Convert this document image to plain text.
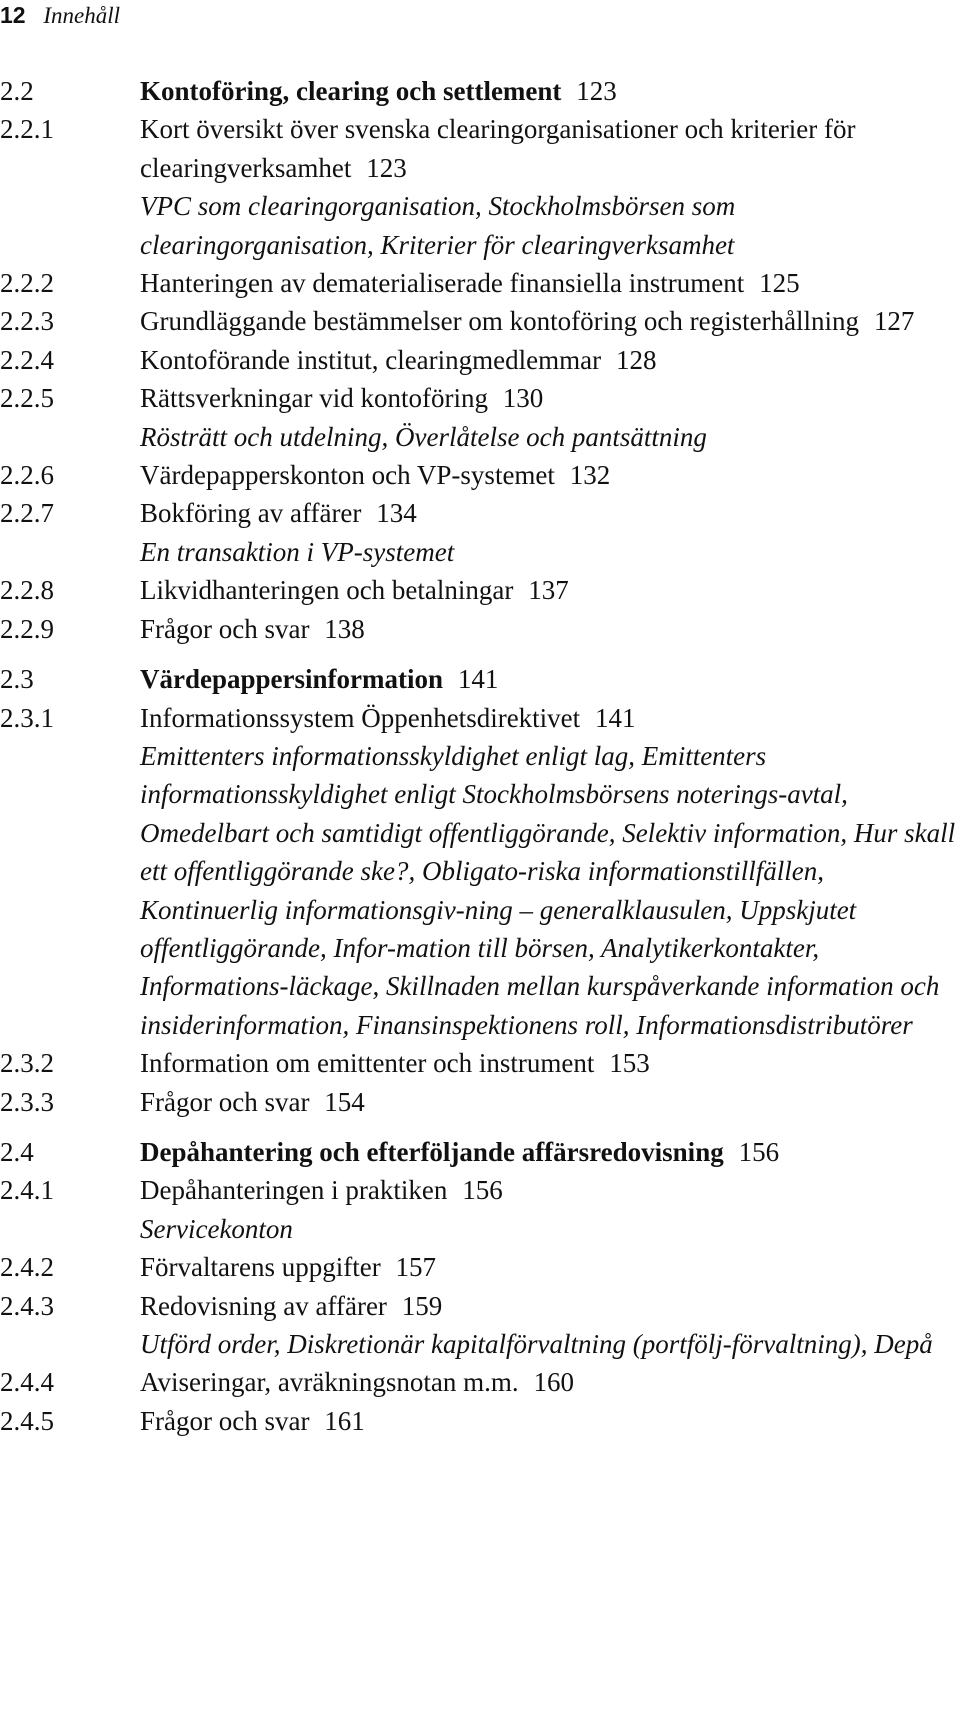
12 Innehåll
2.2	Kontoföring, clearing och settlement 123
2.2.1	Kort översikt över svenska clearingorganisationer och kriterier för clearingverksamhet 123
VPC som clearingorganisation, Stockholmsbörsen som clearingorganisation, Kriterier för clearingverksamhet
2.2.2	Hanteringen av dematerialiserade finansiella instrument 125
2.2.3	Grundläggande bestämmelser om kontoföring och registerhållning 127
2.2.4	Kontoförande institut, clearingmedlemmar 128
2.2.5	Rättsverkningar vid kontoföring 130
Rösträtt och utdelning, Överlåtelse och pantsättning
2.2.6	Värdepapperskonton och VP-systemet 132
2.2.7	Bokföring av affärer 134
En transaktion i VP-systemet
2.2.8	Likvidhanteringen och betalningar 137
2.2.9	Frågor och svar 138
2.3	Värdepappersinformation 141
2.3.1	Informationssystem Öppenhetsdirektivet 141
Emittenters informationsskyldighet enligt lag, Emittenters informationsskyldighet enligt Stockholmsbörsens noterings-avtal, Omedelbart och samtidigt offentliggörande, Selektiv information, Hur skall ett offentliggörande ske?, Obligato-riska informationstillfällen, Kontinuerlig informationsgiv-ning – generalklausulen, Uppskjutet offentliggörande, Infor-mation till börsen, Analytikerkontakter, Informations-läckage, Skillnaden mellan kurspåverkande information och insiderinformation, Finansinspektionens roll, Informationsdistributörer
2.3.2	Information om emittenter och instrument 153
2.3.3	Frågor och svar 154
2.4	Depåhantering och efterföljande affärsredovisning 156
2.4.1	Depåhanteringen i praktiken 156
Servicekonton
2.4.2	Förvaltarens uppgifter 157
2.4.3	Redovisning av affärer 159
Utförd order, Diskretionär kapitalförvaltning (portfölj-förvaltning), Depå
2.4.4	Aviseringar, avräkningsnotan m.m. 160
2.4.5	Frågor och svar 161
